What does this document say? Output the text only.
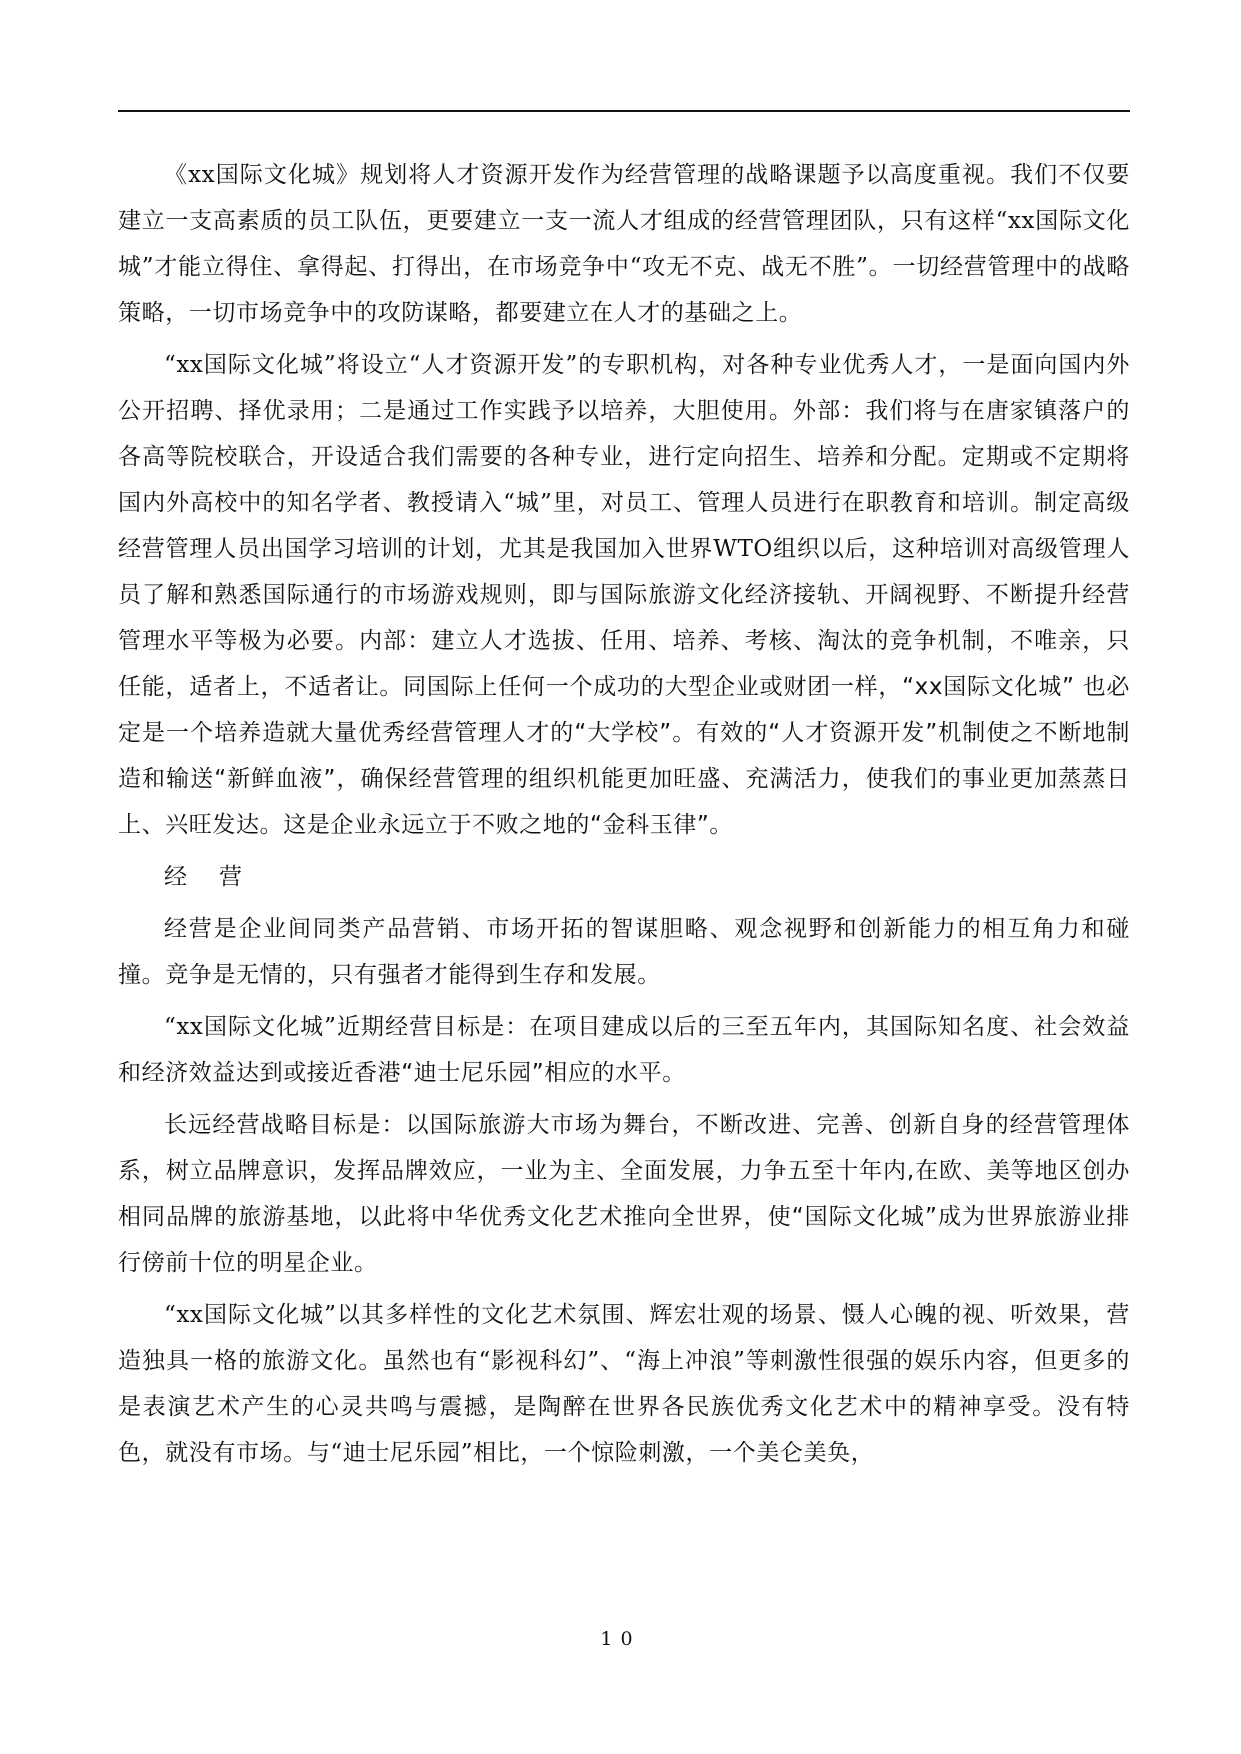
《xx国际文化城》规划将人才资源开发作为经营管理的战略课题予以高度重视。我们不仅要建立一支高素质的员工队伍，更要建立一支一流人才组成的经营管理团队，只有这样“xx国际文化城”才能立得住、拿得起、打得出，在市场竞争中“攻无不克、战无不胜”。一切经营管理中的战略策略，一切市场竞争中的攻防谋略，都要建立在人才的基础之上。

“xx国际文化城”将设立“人才资源开发”的专职机构，对各种专业优秀人才，一是面向国内外公开招聘、择优录用；二是通过工作实践予以培养，大胆使用。外部：我们将与在唐家镇落户的各高等院校联合，开设适合我们需要的各种专业，进行定向招生、培养和分配。定期或不定期将国内外高校中的知名学者、教授请入“城”里，对员工、管理人员进行在职教育和培训。制定高级经营管理人员出国学习培训的计划，尤其是我国加入世界WTO组织以后，这种培训对高级管理人员了解和熟悉国际通行的市场游戏规则，即与国际旅游文化经济接轨、开阔视野、不断提升经营管理水平等极为必要。内部：建立人才选拔、任用、培养、考核、淘汰的竞争机制，不唯亲，只任能，适者上，不适者让。同国际上任何一个成功的大型企业或财团一样，“xx国际文化城” 也必定是一个培养造就大量优秀经营管理人才的“大学校”。有效的“人才资源开发”机制使之不断地制造和输送“新鲜血液”，确保经营管理的组织机能更加旺盛、充满活力，使我们的事业更加蒸蒸日上、兴旺发达。这是企业永远立于不败之地的“金科玉律”。

经营

经营是企业间同类产品营销、市场开拓的智谋胆略、观念视野和创新能力的相互角力和碰撞。竞争是无情的，只有强者才能得到生存和发展。

“xx国际文化城”近期经营目标是：在项目建成以后的三至五年内，其国际知名度、社会效益和经济效益达到或接近香港“迪士尼乐园”相应的水平。

长远经营战略目标是：以国际旅游大市场为舞台，不断改进、完善、创新自身的经营管理体系，树立品牌意识，发挥品牌效应，一业为主、全面发展，力争五至十年内,在欧、美等地区创办相同品牌的旅游基地，以此将中华优秀文化艺术推向全世界，使“国际文化城”成为世界旅游业排行傍前十位的明星企业。

“xx国际文化城”以其多样性的文化艺术氛围、辉宏壮观的场景、慑人心魄的视、听效果，营造独具一格的旅游文化。虽然也有“影视科幻”、“海上冲浪”等刺激性很强的娱乐内容，但更多的是表演艺术产生的心灵共鸣与震撼，是陶醉在世界各民族优秀文化艺术中的精神享受。没有特色，就没有市场。与“迪士尼乐园”相比，一个惊险刺激，一个美仑美奂，

10
